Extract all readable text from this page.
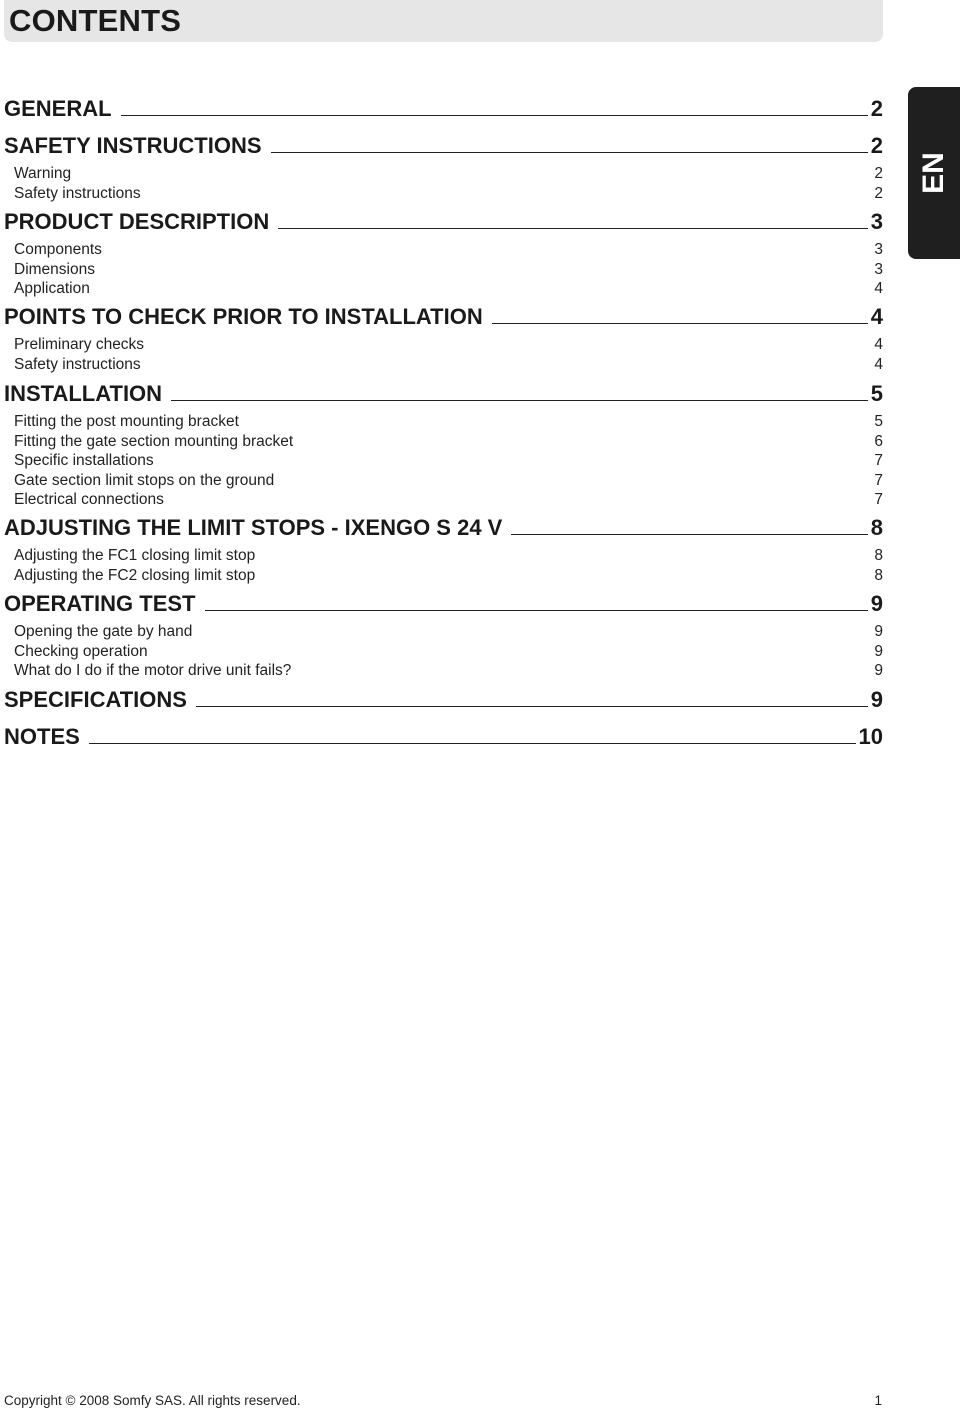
CONTENTS
EN
GENERAL	2
SAFETY INSTRUCTIONS	2
Warning	2
Safety instructions	2
PRODUCT DESCRIPTION	3
Components	3
Dimensions	3
Application	4
POINTS TO CHECK PRIOR TO INSTALLATION	4
Preliminary checks	4
Safety instructions	4
INSTALLATION	5
Fitting the post mounting bracket	5
Fitting the gate section mounting bracket	6
Specific installations	7
Gate section limit stops on the ground	7
Electrical connections	7
ADJUSTING THE LIMIT STOPS - IXENGO S 24 V	8
Adjusting the FC1 closing limit stop	8
Adjusting the FC2 closing limit stop	8
OPERATING TEST	9
Opening the gate by hand	9
Checking operation	9
What do I do if the motor drive unit fails?	9
SPECIFICATIONS	9
NOTES	10
Copyright © 2008 Somfy SAS. All rights reserved.	1
